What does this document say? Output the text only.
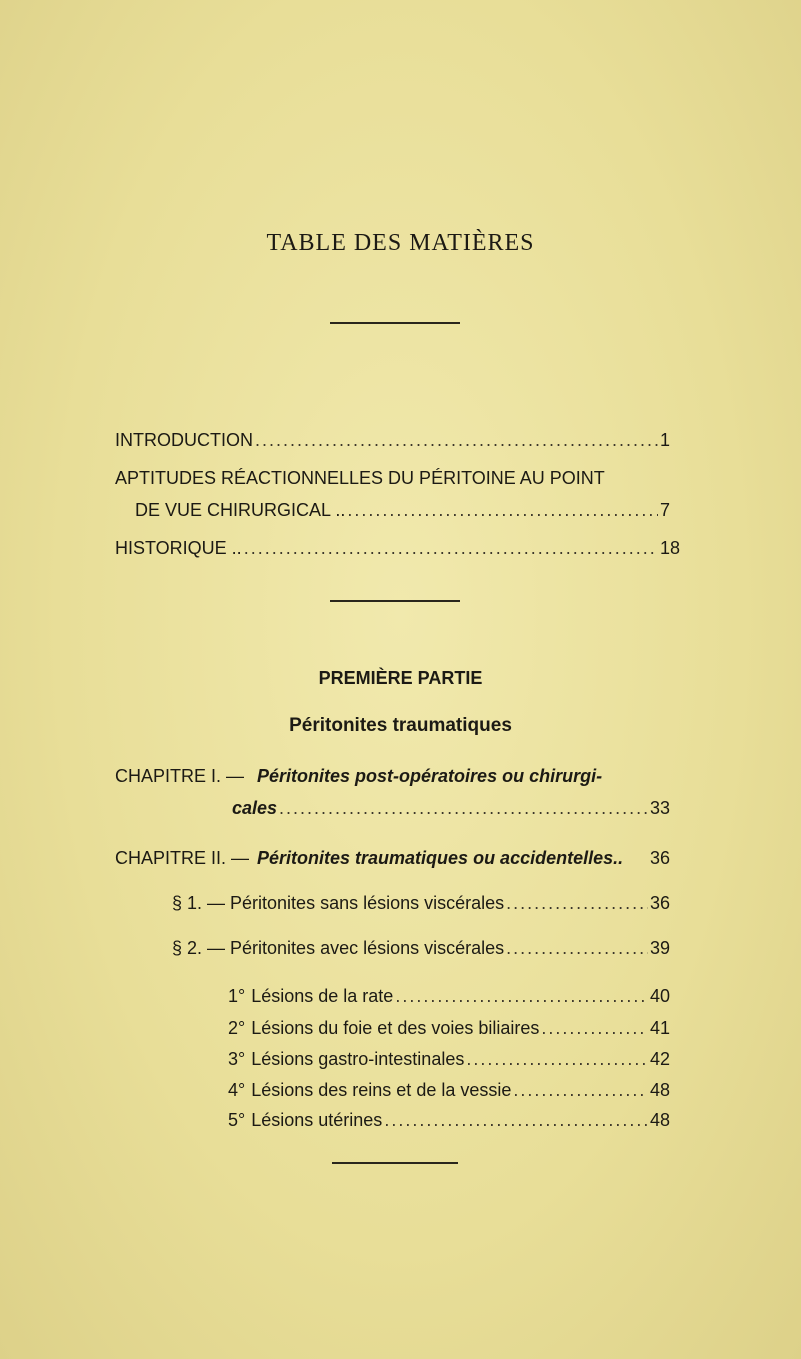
TABLE DES MATIÈRES
INTRODUCTION .....	1
APTITUDES RÉACTIONNELLES DU PÉRITOINE AU POINT
DE VUE CHIRURGICAL .. .....	7
HISTORIQUE .. .....	18
PREMIÈRE PARTIE
Péritonites traumatiques
CHAPITRE I. — Péritonites post-opératoires ou chirurgi-
cales .....	33
CHAPITRE II. — Péritonites traumatiques ou accidentelles.. 36
§ 1. — Péritonites sans lésions viscérales .....	36
§ 2. — Péritonites avec lésions viscérales .....	39
1° Lésions de la rate .....	40
2° Lésions du foie et des voies biliaires .....	41
3° Lésions gastro-intestinales .....	42
4° Lésions des reins et de la vessie .....	48
5° Lésions utérines .....	48
